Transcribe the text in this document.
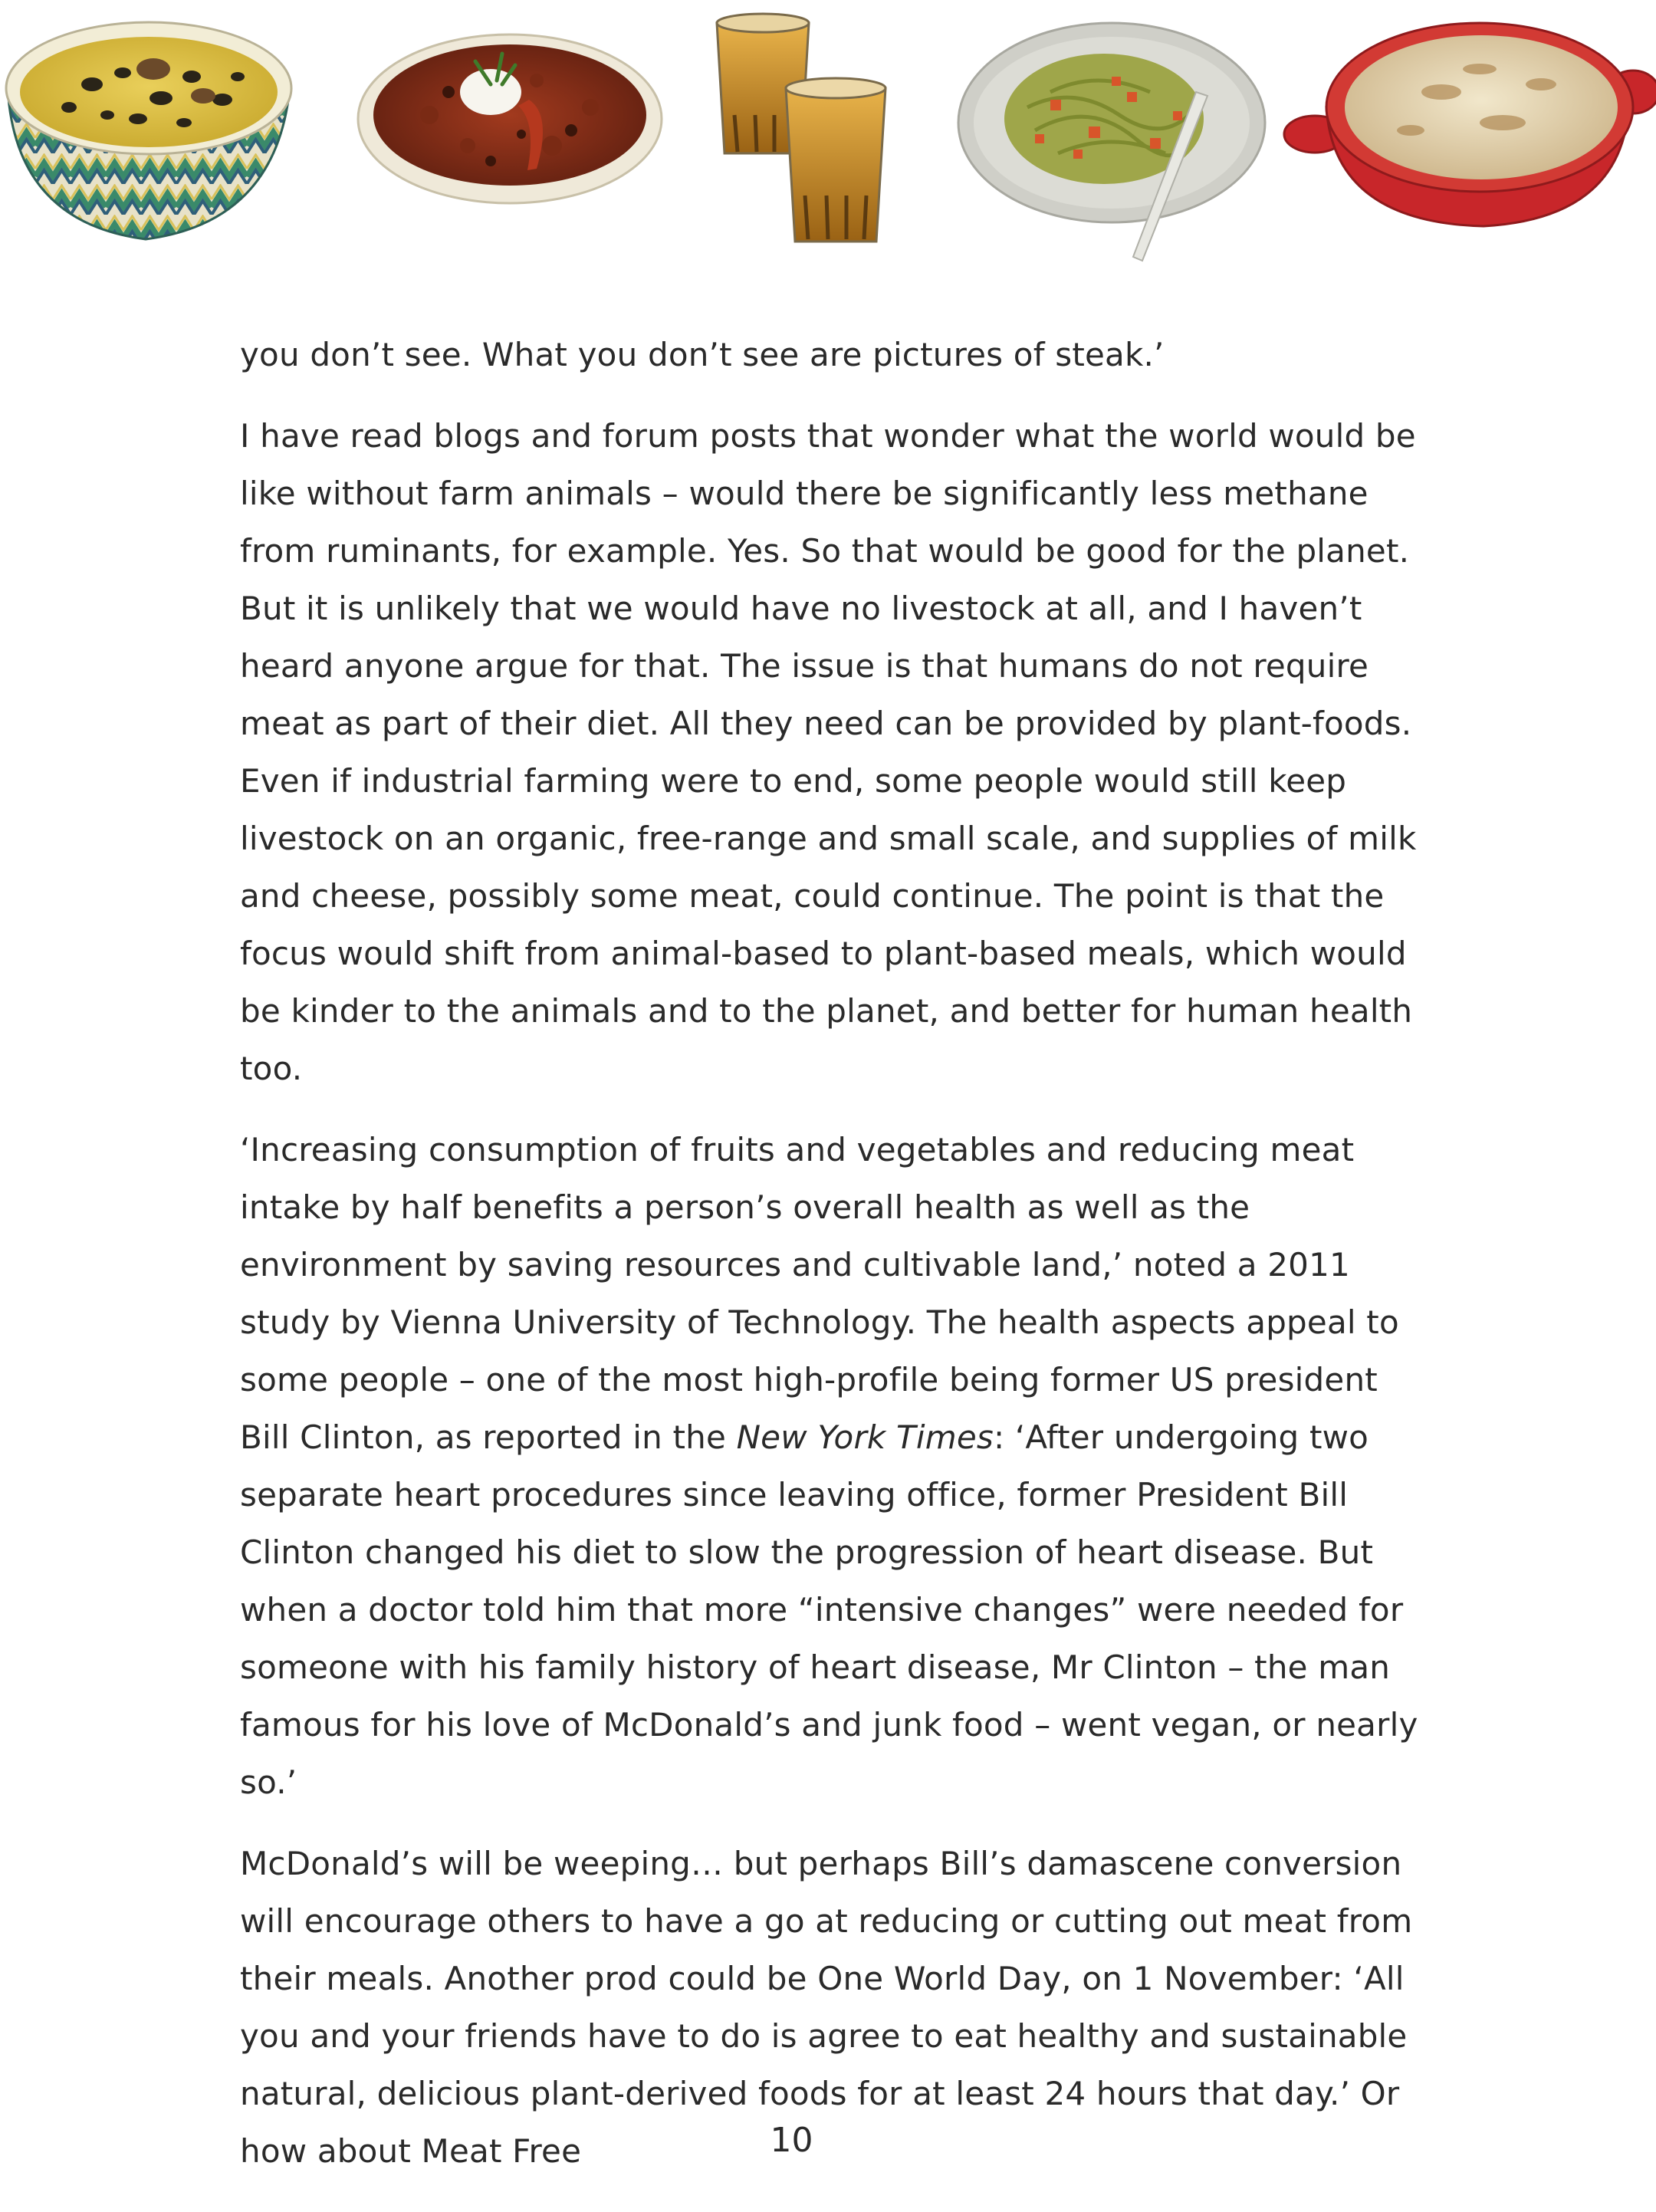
you don’t see. What you don’t see are pictures of steak.’

I have read blogs and forum posts that wonder what the world would be like without farm animals – would there be significantly less methane from ruminants, for example. Yes. So that would be good for the planet. But it is unlikely that we would have no livestock at all, and I haven’t heard anyone argue for that. The issue is that humans do not require meat as part of their diet. All they need can be provided by plant-foods. Even if industrial farming were to end, some people would still keep livestock on an organic, free-range and small scale, and supplies of milk and cheese, possibly some meat, could continue. The point is that the focus would shift from animal-based to plant-based meals, which would be kinder to the animals and to the planet, and better for human health too.

‘Increasing consumption of fruits and vegetables and reducing meat intake by half benefits a person’s overall health as well as the environment by saving resources and cultivable land,’ noted a 2011 study by Vienna University of Technology. The health aspects appeal to some people – one of the most high-profile being former US president Bill Clinton, as reported in the New York Times: ‘After undergoing two separate heart procedures since leaving office, former President Bill Clinton changed his diet to slow the progression of heart disease. But when a doctor told him that more “intensive changes” were needed for someone with his family history of heart disease, Mr Clinton – the man famous for his love of McDonald’s and junk food – went vegan, or nearly so.’

McDonald’s will be weeping… but perhaps Bill’s damascene conversion will encourage others to have a go at reducing or cutting out meat from their meals. Another prod could be One World Day, on 1 November: ‘All you and your friends have to do is agree to eat healthy and sustainable natural, delicious plant-derived foods for at least 24 hours that day.’ Or how about Meat Free	10
